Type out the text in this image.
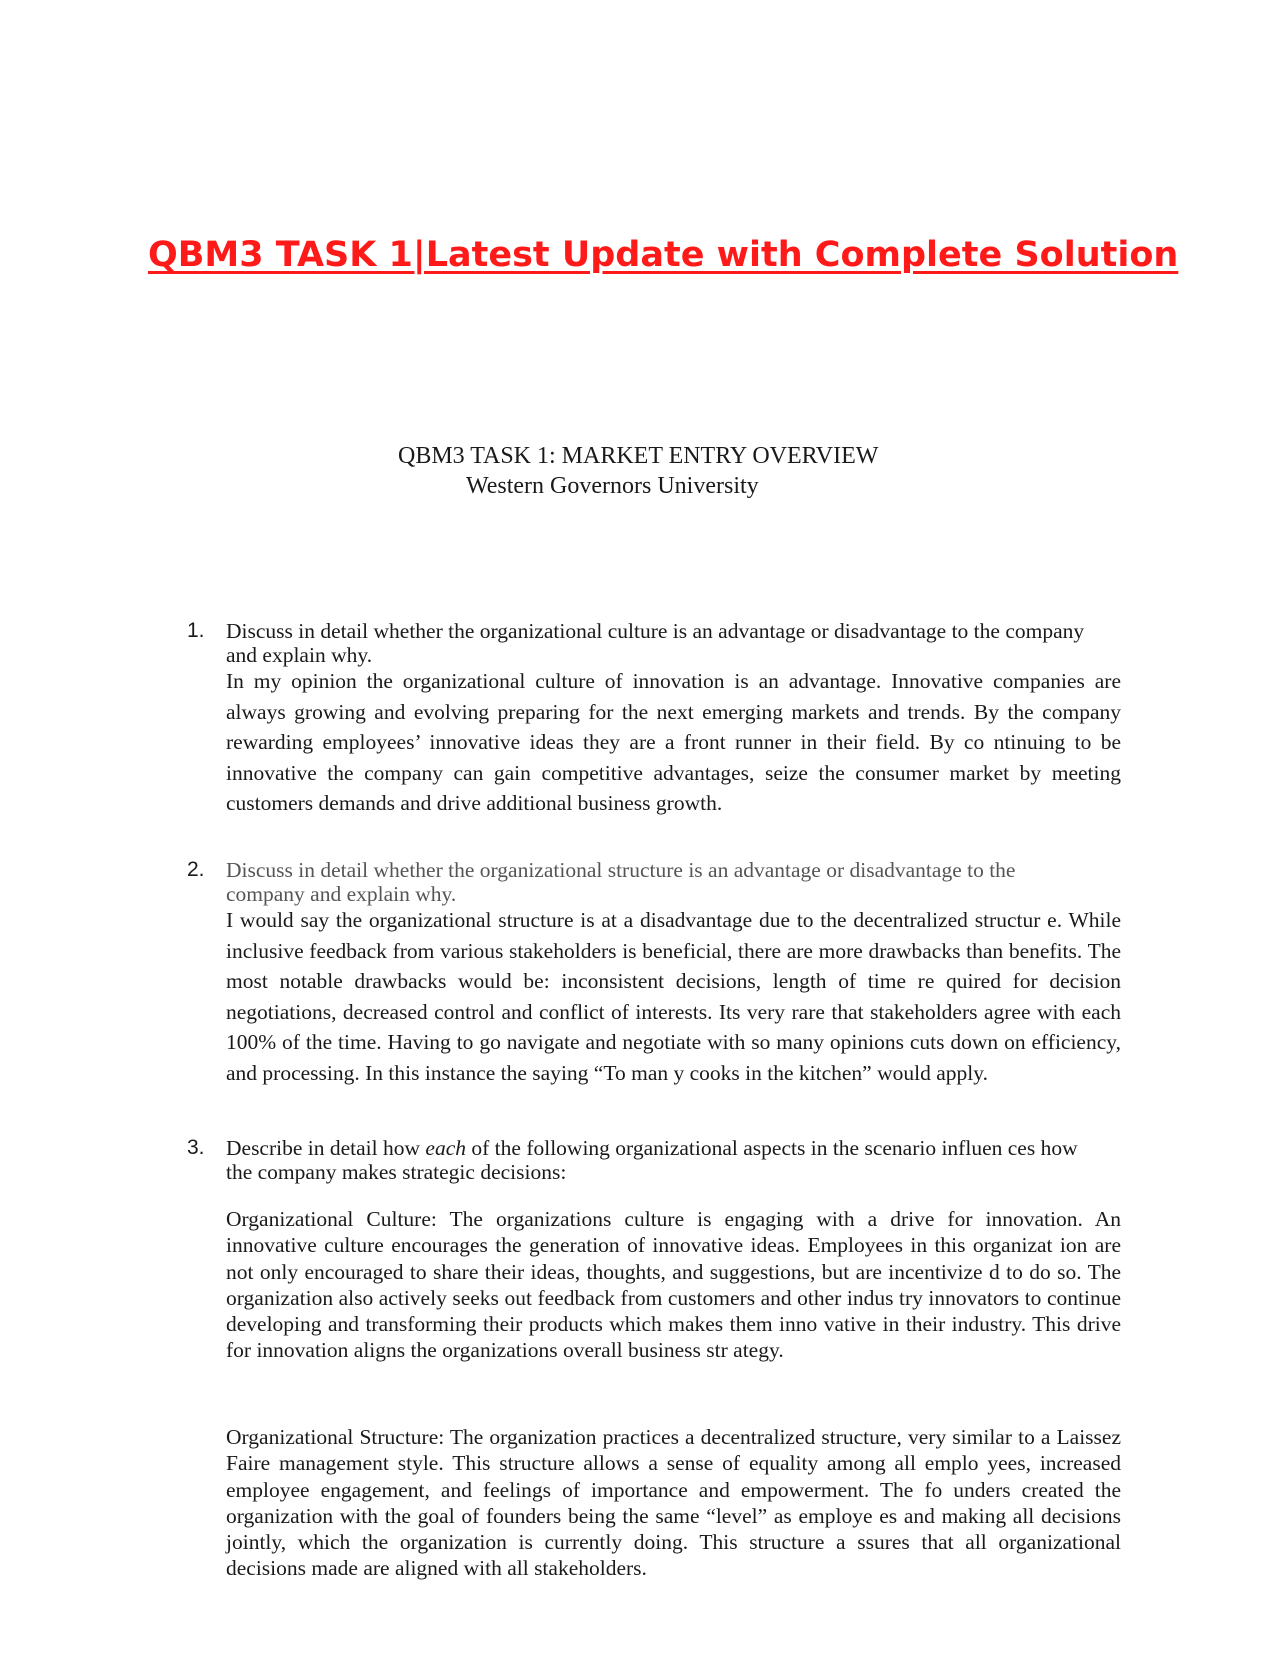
QBM3 TASK 1|Latest Update with Complete Solution
QBM3 TASK 1: MARKET ENTRY OVERVIEW
Western Governors University
1. Discuss in detail whether the organizational culture is an advantage or disadvantage to the company and explain why.

In my opinion the organizational culture of innovation is an advantage. Innovative companies are always growing and evolving preparing for the next emerging markets and trends. By the company rewarding employees’ innovative ideas they are a front runner in their field. By co ntinuing to be innovative the company can gain competitive advantages, seize the consumer market by meeting customers demands and drive additional business growth.

2. Discuss in detail whether the organizational structure is an advantage or disadvantage to the company and explain why.

I would say the organizational structure is at a disadvantage due to the decentralized structur e. While inclusive feedback from various stakeholders is beneficial, there are more drawbacks than benefits. The most notable drawbacks would be: inconsistent decisions, length of time re quired for decision negotiations, decreased control and conflict of interests. Its very rare that stakeholders agree with each 100% of the time. Having to go navigate and negotiate with so many opinions cuts down on efficiency, and processing. In this instance the saying “To man y cooks in the kitchen” would apply.

3. Describe in detail how each of the following organizational aspects in the scenario influen ces how the company makes strategic decisions:

Organizational Culture: The organizations culture is engaging with a drive for innovation. An innovative culture encourages the generation of innovative ideas. Employees in this organizat ion are not only encouraged to share their ideas, thoughts, and suggestions, but are incentivize d to do so. The organization also actively seeks out feedback from customers and other indus try innovators to continue developing and transforming their products which makes them inno vative in their industry. This drive for innovation aligns the organizations overall business str ategy.

Organizational Structure: The organization practices a decentralized structure, very similar to a Laissez Faire management style. This structure allows a sense of equality among all emplo yees, increased employee engagement, and feelings of importance and empowerment. The fo unders created the organization with the goal of founders being the same “level” as employe es and making all decisions jointly, which the organization is currently doing. This structure a ssures that all organizational decisions made are aligned with all stakeholders.
